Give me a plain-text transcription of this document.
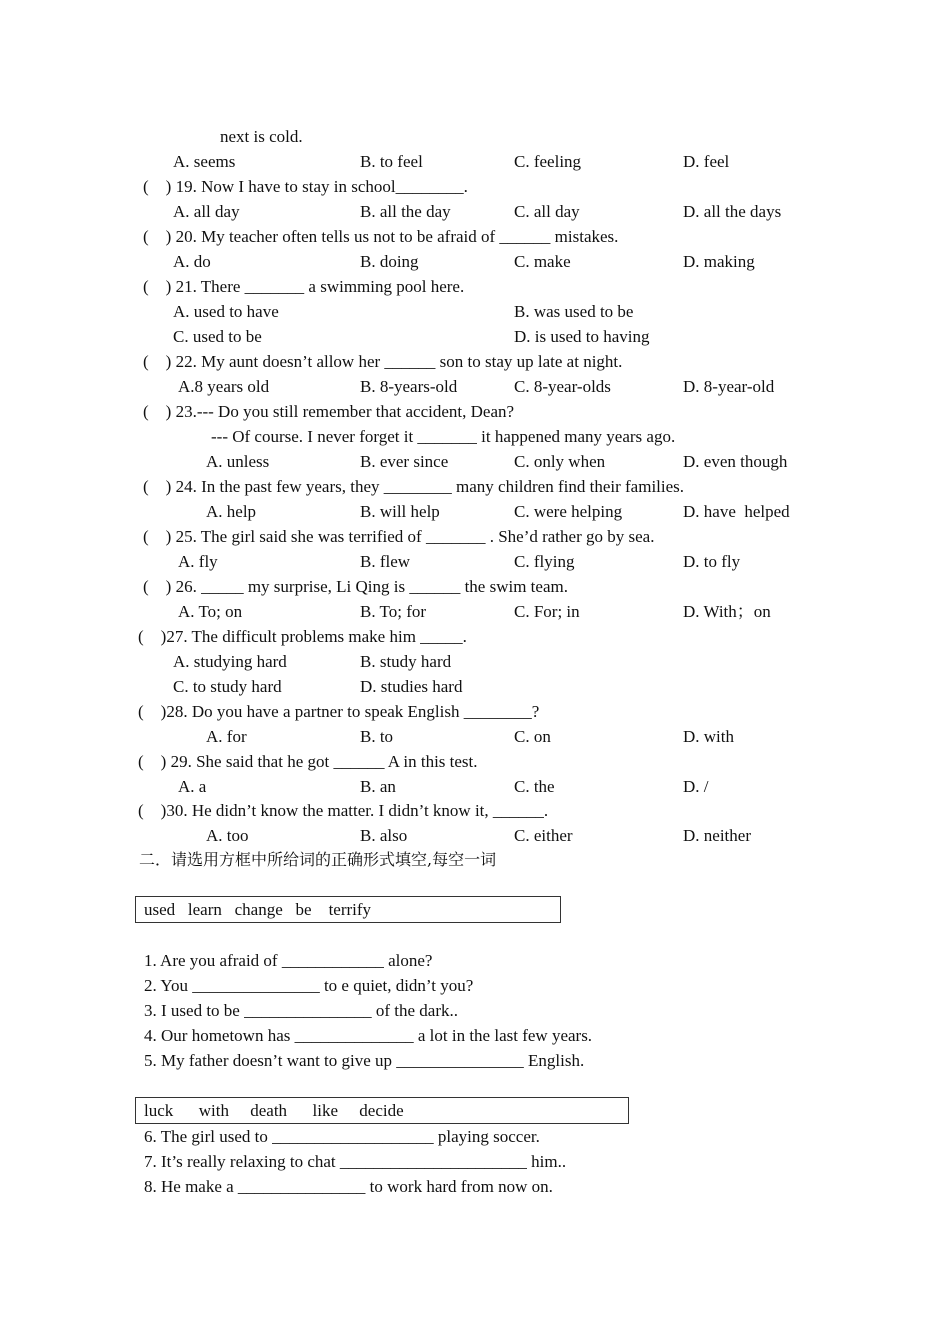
next is cold.
A. seems	B. to feel	C. feeling	D. feel
(    ) 19. Now I have to stay in school________.
A. all day	B. all the day	C. all day	D. all the days
(    ) 20. My teacher often tells us not to be afraid of ______ mistakes.
A. do	B. doing	C. make	D. making
(    ) 21. There _______ a swimming pool here.
A. used to have	B. was used to be
C. used to be	D. is used to having
(    ) 22. My aunt doesn’t allow her ______ son to stay up late at night.
A.8 years old	B. 8-years-old	C. 8-year-olds	D. 8-year-old
(    ) 23.--- Do you still remember that accident, Dean?
--- Of course. I never forget it _______ it happened many years ago.
A. unless	B. ever since	C. only when	D. even though
(    ) 24. In the past few years, they ________ many children find their families.
A. help	B. will help	C. were helping	D. have  helped
(    ) 25. The girl said she was terrified of _______ . She’d rather go by sea.
A. fly	B. flew	C. flying	D. to fly
(    ) 26. _____ my surprise, Li Qing is ______ the swim team.
A. To; on	B. To; for	C. For; in	D. With；on
(    )27. The difficult problems make him _____.
A. studying hard	B. study hard
C. to study hard	D. studies hard
(    )28. Do you have a partner to speak English ________?
A. for	B. to	C. on	D. with
(    ) 29. She said that he got ______ A in this test.
A. a	B. an	C. the	D. /
(    )30. He didn’t know the matter. I didn’t know it, ______.
A. too	B. also	C. either	D. neither
二．请选用方框中所给词的正确形式填空,每空一词
used   learn   change   be    terrify
1. Are you afraid of ____________ alone?
2. You _______________ to e quiet, didn’t you?
3. I used to be _______________ of the dark..
4. Our hometown has ______________ a lot in the last few years.
5. My father doesn’t want to give up _______________ English.
luck      with     death      like     decide
6. The girl used to ___________________ playing soccer.
7. It’s really relaxing to chat ______________________ him..
8. He make a _______________ to work hard from now on.
